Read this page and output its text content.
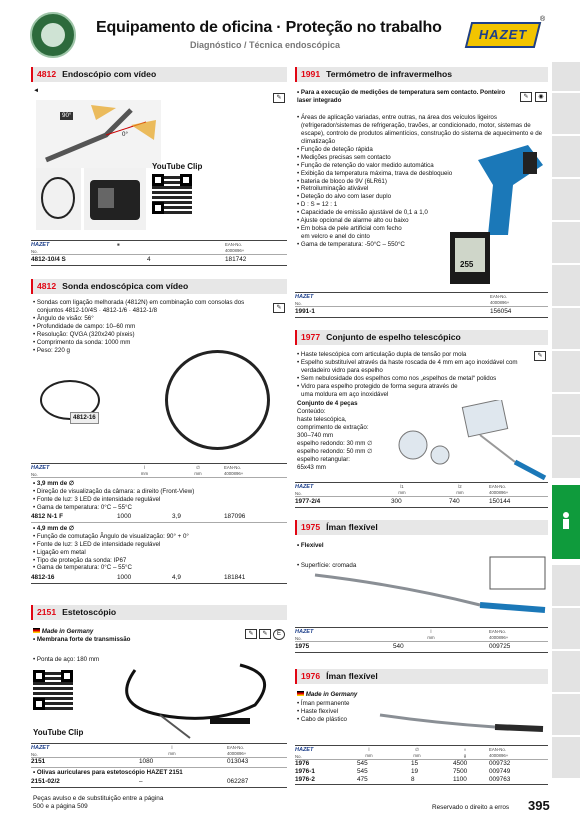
Equipamento de oficina · Proteção no trabalho
Diagnóstico / Técnica endoscópica
HAZET
®
4812 Endoscópio com vídeo
◄
✎
90°
0°
YouTube Clip
HAZET
No.
■	EAN-No.
4000896+
4812-10/4 S	4	181742
4812 Sonda endoscópica com vídeo
✎
• Sondas com ligação melhorada (4812N) em combinação com consolas dos conjuntos 4812-10/4S · 4812-1/6 · 4812-1/8
• Ângulo de visão: 56°
• Profundidade de campo: 10–60 mm
• Resolução: QVGA (320x240 píxeis)
• Comprimento da sonda: 1000 mm
• Peso: 220 g
4812-16
HAZET
No.
l
mm
∅
mm
EAN-No.
4000896+
• 3,9 mm de ∅
• Direção de visualização da câmara: a direito (Front-View)
• Fonte de luz: 3 LED de intensidade regulável
• Gama de temperatura: 0°C – 55°C
4812 N-1 F	1000	3,9	187096
• 4,9 mm de ∅
• Função de comutação Ângulo de visualização: 90° + 0°
• Fonte de luz: 3 LED de intensidade regulável
• Ligação em metal
• Tipo de proteção da sonda: IP67
• Gama de temperatura: 0°C – 55°C
4812-16	1000	4,9	181841
2151 Estetoscópio
Made in Germany
• Membrana forte de transmissão
✎	✎	E
• Ponta de aço: 180 mm
YouTube Clip
HAZET
No.
l
mm
EAN-No.
4000896+
2151	1080	013043
• Olivas auriculares para estetoscópio HAZET 2151
2151-02/2	–	062287
1991 Termómetro de infravermelhos
• Para a execução de medições de temperatura sem contacto. Ponteiro laser integrado	✎	◉
• Áreas de aplicação variadas, entre outras, na área dos veículos ligeiros (refrigerador/sistemas de refrigeração, travões, ar condicionado, motor, sistemas de escape), controlo de produtos alimentícios, construção do sistema de aquecimento e de climatização
• Função de deteção rápida
• Medições precisas sem contacto
• Função de retenção do valor medido automática
• Exibição da temperatura máxima, trava de desbloqueio
• bateria de bloco de 9V (6LR61)
• Retroiluminação ativável
• Deteção do alvo com laser duplo
• D : S = 12 : 1
• Capacidade de emissão ajustável de 0,1 a 1,0
• Ajuste opcional de alarme alto ou baixo
• Em bolsa de pele artificial com fecho em velcro e anel do cinto
• Gama de temperatura: -50°C – 550°C
255
HAZET
No.
EAN-No.
4000896+
1991-1	156054
1977 Conjunto de espelho telescópico
✎
• Haste telescópica com articulação dupla de tensão por mola
• Espelho substituível através da haste roscada de 4 mm em aço inoxidável com verdadeiro vidro para espelho
• Sem nebulosidade dos espelhos como nos „espelhos de metal“ polidos
• Vidro para espelho protegido de forma segura através de uma moldura em aço inoxidável
Conjunto de 4 peças
Conteúdo:
haste telescópica,
comprimento de extração:
300–740 mm
espelho redondo: 30 mm ∅
espelho redondo: 50 mm ∅
espelho retangular:
65x43 mm
HAZET
No.
l1
mm
l2
mm
EAN-No.
4000896+
1977-2/4	300	740	150144
1975 Íman flexível
• Flexível
• Superfície: cromada
HAZET
No.
l
mm
EAN-No.
4000896+
1975	540	009725
1976 Íman flexível
Made in Germany
• Íman permanente
• Haste flexível
• Cabo de plástico
HAZET
No.
l
mm
∅
mm
∩
g
EAN-No.
4000896+
1976	545	15	4500	009732
1976-1	545	19	7500	009749
1976-2	475	8	1100	009763
Peças avulso e de substituição entre a página
500 e a página 509	Reservado o direito a erros 395
